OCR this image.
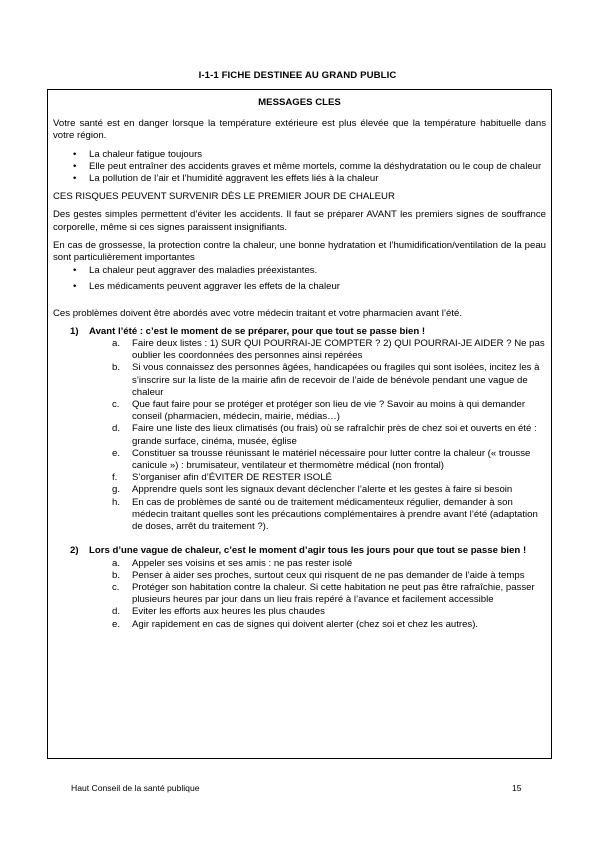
I-1-1 FICHE DESTINEE AU GRAND PUBLIC
MESSAGES CLES

Votre santé est en danger lorsque la température extérieure est plus élevée que la température habituelle dans votre région.

• La chaleur fatigue toujours
• Elle peut entraîner des accidents graves et même mortels, comme la déshydratation ou le coup de chaleur
• La pollution de l’air et l’humidité aggravent les effets liés à la chaleur

CES RISQUES PEUVENT SURVENIR DÈS LE PREMIER JOUR DE CHALEUR

Des gestes simples permettent d’éviter les accidents. Il faut se préparer AVANT les premiers signes de souffrance corporelle, même si ces signes paraissent insignifiants.

En cas de grossesse, la protection contre la chaleur, une bonne hydratation et l’humidification/ventilation de la peau sont particulièrement importantes

• La chaleur peut aggraver des maladies préexistantes.
• Les médicaments peuvent aggraver les effets de la chaleur

Ces problèmes doivent être abordés avec votre médecin traitant et votre pharmacien avant l’été.

1) Avant l’été : c’est le moment de se préparer, pour que tout se passe bien !
a. Faire deux listes : 1) SUR QUI POURRAI-JE COMPTER ? 2) QUI POURRAI-JE AIDER ? Ne pas oublier les coordonnées des personnes ainsi repérées
b. Si vous connaissez des personnes âgées, handicapées ou fragiles qui sont isolées, incitez les à s’inscrire sur la liste de la mairie afin de recevoir de l’aide de bénévole pendant une vague de chaleur
c. Que faut faire pour se protéger et protéger son lieu de vie ? Savoir au moins à qui demander conseil (pharmacien, médecin, mairie, médias…)
d. Faire une liste des lieux climatisés (ou frais) où se rafraîchir près de chez soi et ouverts en été : grande surface, cinéma, musée, église
e. Constituer sa trousse réunissant le matériel nécessaire pour lutter contre la chaleur (« trousse canicule ») : brumisateur, ventilateur et thermomètre médical (non frontal)
f. S’organiser afin d’ÉVITER DE RESTER ISOLÉ
g. Apprendre quels sont les signaux devant déclencher l’alerte et les gestes à faire si besoin
h. En cas de problèmes de santé ou de traitement médicamenteux régulier, demander à son médecin traitant quelles sont les précautions complémentaires à prendre avant l’été (adaptation de doses, arrêt du traitement ?).
2) Lors d’une vague de chaleur, c’est le moment d’agir tous les jours pour que tout se passe bien !
a. Appeler ses voisins et ses amis : ne pas rester isolé
b. Penser à aider ses proches, surtout ceux qui risquent de ne pas demander de l’aide à temps
c. Protéger son habitation contre la chaleur. Si cette habitation ne peut pas être rafraîchie, passer plusieurs heures par jour dans un lieu frais repéré à l’avance et facilement accessible
d. Eviter les efforts aux heures les plus chaudes
e. Agir rapidement en cas de signes qui doivent alerter (chez soi et chez les autres).
Haut Conseil de la santé publique	15
